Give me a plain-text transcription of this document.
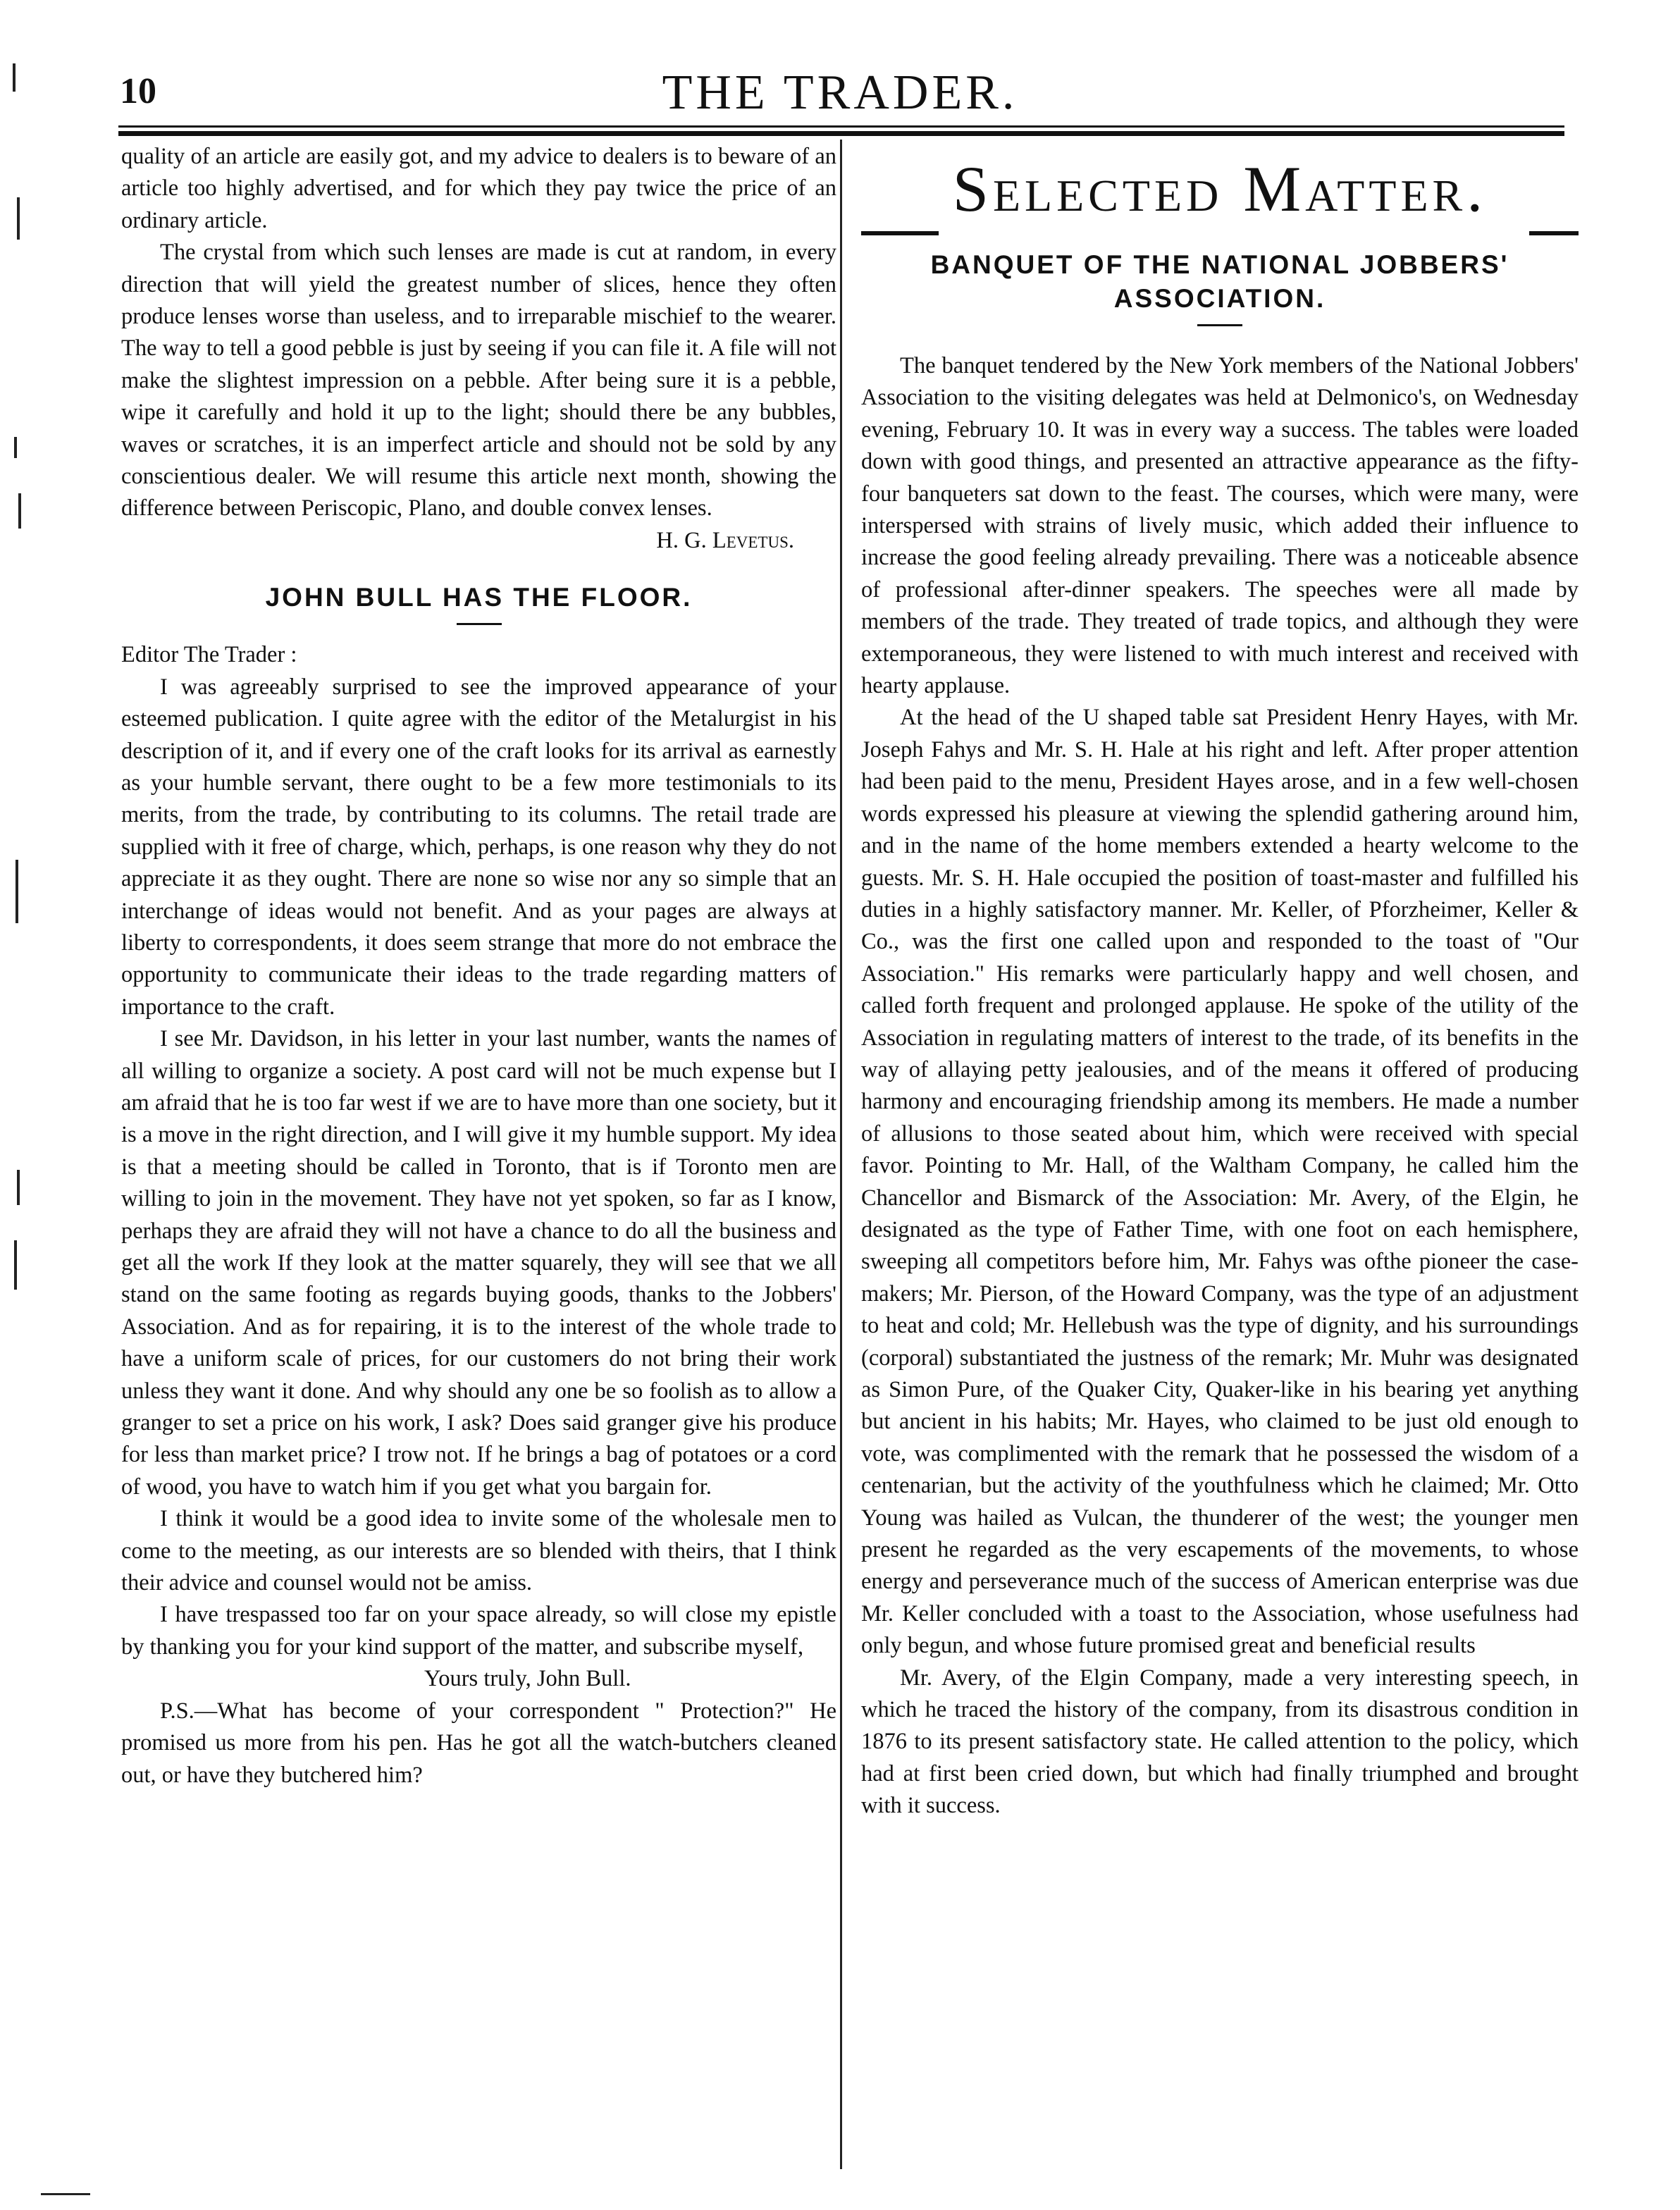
10	THE TRADER.

quality of an article are easily got, and my advice to dealers is to beware of an article too highly advertised, and for which they pay twice the price of an ordinary article.

The crystal from which such lenses are made is cut at random, in every direction that will yield the greatest number of slices, hence they often produce lenses worse than useless, and to irreparable mischief to the wearer. The way to tell a good pebble is just by seeing if you can file it. A file will not make the slightest impression on a pebble. After being sure it is a pebble, wipe it carefully and hold it up to the light; should there be any bubbles, waves or scratches, it is an imperfect article and should not be sold by any conscientious dealer. We will resume this article next month, showing the difference between Periscopic, Plano, and double convex lenses.

H. G. Levetus.
JOHN BULL HAS THE FLOOR.

Editor The Trader :

I was agreeably surprised to see the improved appearance of your esteemed publication. I quite agree with the editor of the Metalurgist in his description of it, and if every one of the craft looks for its arrival as earnestly as your humble servant, there ought to be a few more testimonials to its merits, from the trade, by contributing to its columns. The retail trade are supplied with it free of charge, which, perhaps, is one reason why they do not appreciate it as they ought. There are none so wise nor any so simple that an interchange of ideas would not benefit. And as your pages are always at liberty to correspondents, it does seem strange that more do not embrace the opportunity to communicate their ideas to the trade regarding matters of importance to the craft.

I see Mr. Davidson, in his letter in your last number, wants the names of all willing to organize a society. A post card will not be much expense but I am afraid that he is too far west if we are to have more than one society, but it is a move in the right direction, and I will give it my humble support. My idea is that a meeting should be called in Toronto, that is if Toronto men are willing to join in the movement. They have not yet spoken, so far as I know, perhaps they are afraid they will not have a chance to do all the business and get all the work If they look at the matter squarely, they will see that we all stand on the same footing as regards buying goods, thanks to the Jobbers' Association. And as for repairing, it is to the interest of the whole trade to have a uniform scale of prices, for our customers do not bring their work unless they want it done. And why should any one be so foolish as to allow a granger to set a price on his work, I ask? Does said granger give his produce for less than market price? I trow not. If he brings a bag of potatoes or a cord of wood, you have to watch him if you get what you bargain for.

I think it would be a good idea to invite some of the wholesale men to come to the meeting, as our interests are so blended with theirs, that I think their advice and counsel would not be amiss.

I have trespassed too far on your space already, so will close my epistle by thanking you for your kind support of the matter, and subscribe myself,

Yours truly, John Bull.

P.S.—What has become of your correspondent " Protection?" He promised us more from his pen. Has he got all the watch-butchers cleaned out, or have they butchered him?

Selected Matter.
BANQUET OF THE NATIONAL JOBBERS' ASSOCIATION.

The banquet tendered by the New York members of the National Jobbers' Association to the visiting delegates was held at Delmonico's, on Wednesday evening, February 10. It was in every way a success. The tables were loaded down with good things, and presented an attractive appearance as the fifty-four banqueters sat down to the feast. The courses, which were many, were interspersed with strains of lively music, which added their influence to increase the good feeling already prevailing. There was a noticeable absence of professional after-dinner speakers. The speeches were all made by members of the trade. They treated of trade topics, and although they were extemporaneous, they were listened to with much interest and received with hearty applause.

At the head of the U shaped table sat President Henry Hayes, with Mr. Joseph Fahys and Mr. S. H. Hale at his right and left. After proper attention had been paid to the menu, President Hayes arose, and in a few well-chosen words expressed his pleasure at viewing the splendid gathering around him, and in the name of the home members extended a hearty welcome to the guests. Mr. S. H. Hale occupied the position of toast-master and fulfilled his duties in a highly satisfactory manner. Mr. Keller, of Pforzheimer, Keller & Co., was the first one called upon and responded to the toast of "Our Association." His remarks were particularly happy and well chosen, and called forth frequent and prolonged applause. He spoke of the utility of the Association in regulating matters of interest to the trade, of its benefits in the way of allaying petty jealousies, and of the means it offered of producing harmony and encouraging friendship among its members. He made a number of allusions to those seated about him, which were received with special favor. Pointing to Mr. Hall, of the Waltham Company, he called him the Chancellor and Bismarck of the Association: Mr. Avery, of the Elgin, he designated as the type of Father Time, with one foot on each hemisphere, sweeping all competitors before him, Mr. Fahys was ofthe pioneer the case-makers; Mr. Pierson, of the Howard Company, was the type of an adjustment to heat and cold; Mr. Hellebush was the type of dignity, and his surroundings (corporal) substantiated the justness of the remark; Mr. Muhr was designated as Simon Pure, of the Quaker City, Quaker-like in his bearing yet anything but ancient in his habits; Mr. Hayes, who claimed to be just old enough to vote, was complimented with the remark that he possessed the wisdom of a centenarian, but the activity of the youthfulness which he claimed; Mr. Otto Young was hailed as Vulcan, the thunderer of the west; the younger men present he regarded as the very escapements of the movements, to whose energy and perseverance much of the success of American enterprise was due Mr. Keller concluded with a toast to the Association, whose usefulness had only begun, and whose future promised great and beneficial results

Mr. Avery, of the Elgin Company, made a very interesting speech, in which he traced the history of the company, from its disastrous condition in 1876 to its present satisfactory state. He called attention to the policy, which had at first been cried down, but which had finally triumphed and brought with it success.
